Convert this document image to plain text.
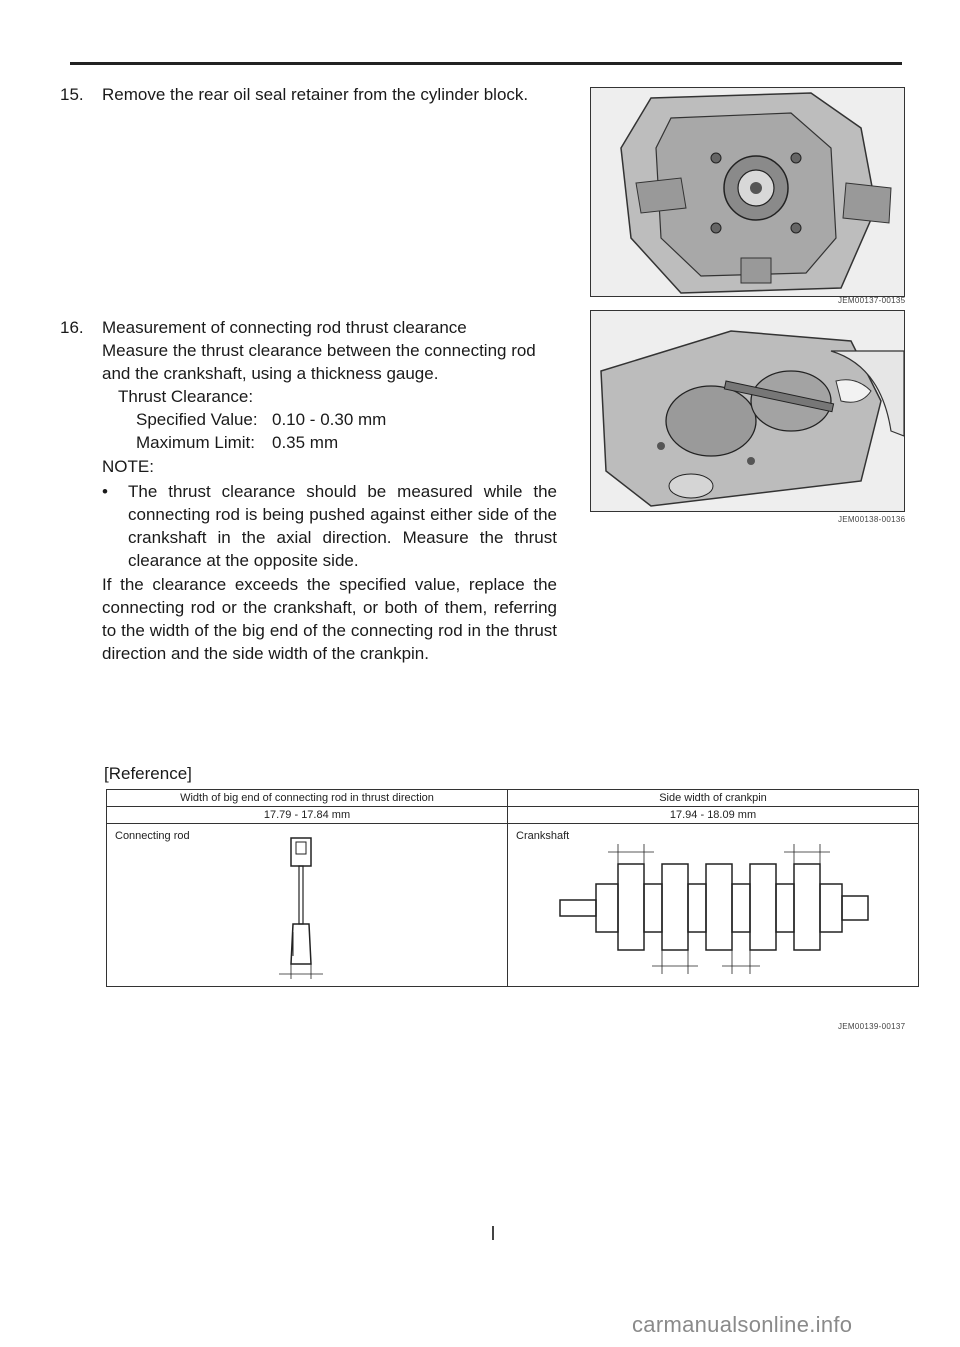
15. Remove the rear oil seal retainer from the cylinder block.
JEM00137-00135
16. Measurement of connecting rod thrust clearance
Measure the thrust clearance between the connecting rod
and the crankshaft, using a thickness gauge.
Thrust Clearance:
Specified Value: 0.10 - 0.30 mm
Maximum Limit: 0.35 mm
JEM00138-00136
NOTE:
•	The thrust clearance should be measured while the connecting rod is being pushed against either side of the crankshaft in the axial direction. Measure the thrust clearance at the opposite side.
If the clearance exceeds the specified value, replace the connecting rod or the crankshaft, or both of them, referring to the width of the big end of the connecting rod in the thrust direction and the side width of the crankpin.
[Reference]
Width of big end of connecting rod in thrust direction	Side width of crankpin
17.79 - 17.84 mm	17.94 - 18.09 mm

Connecting rod	Crankshaft
JEM00139-00137
carmanualsonline.info
